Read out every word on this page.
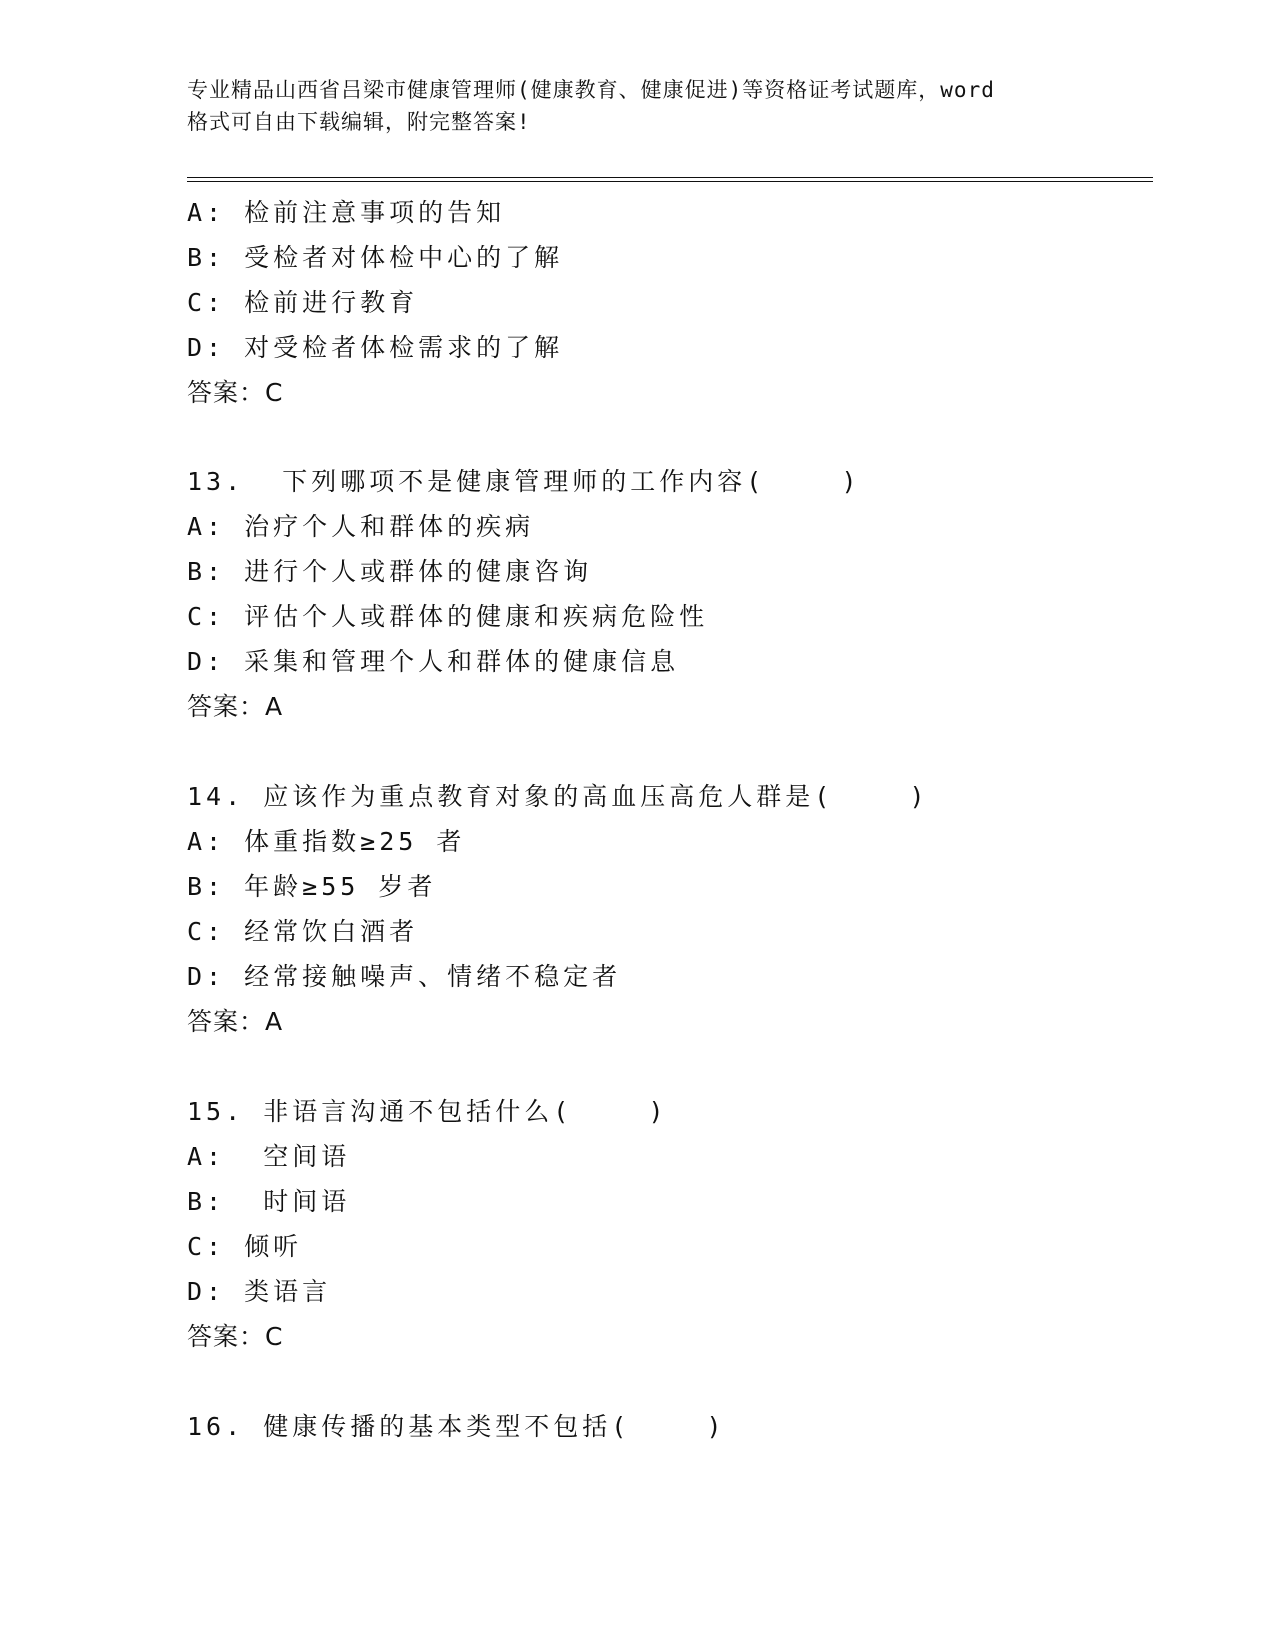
专业精品山西省吕梁市健康管理师(健康教育、健康促进)等资格证考试题库，word
格式可自由下载编辑，附完整答案!
A: 检前注意事项的告知
B: 受检者对体检中心的了解
C: 检前进行教育
D: 对受检者体检需求的了解
答案：C
13.  下列哪项不是健康管理师的工作内容(    )
A: 治疗个人和群体的疾病
B: 进行个人或群体的健康咨询
C: 评估个人或群体的健康和疾病危险性
D: 采集和管理个人和群体的健康信息
答案：A
14. 应该作为重点教育对象的高血压高危人群是(    )
A: 体重指数≥25 者
B: 年龄≥55 岁者
C: 经常饮白酒者
D: 经常接触噪声、情绪不稳定者
答案：A
15. 非语言沟通不包括什么(    )
A:  空间语
B:  时间语
C: 倾听
D: 类语言
答案：C
16. 健康传播的基本类型不包括(    )
